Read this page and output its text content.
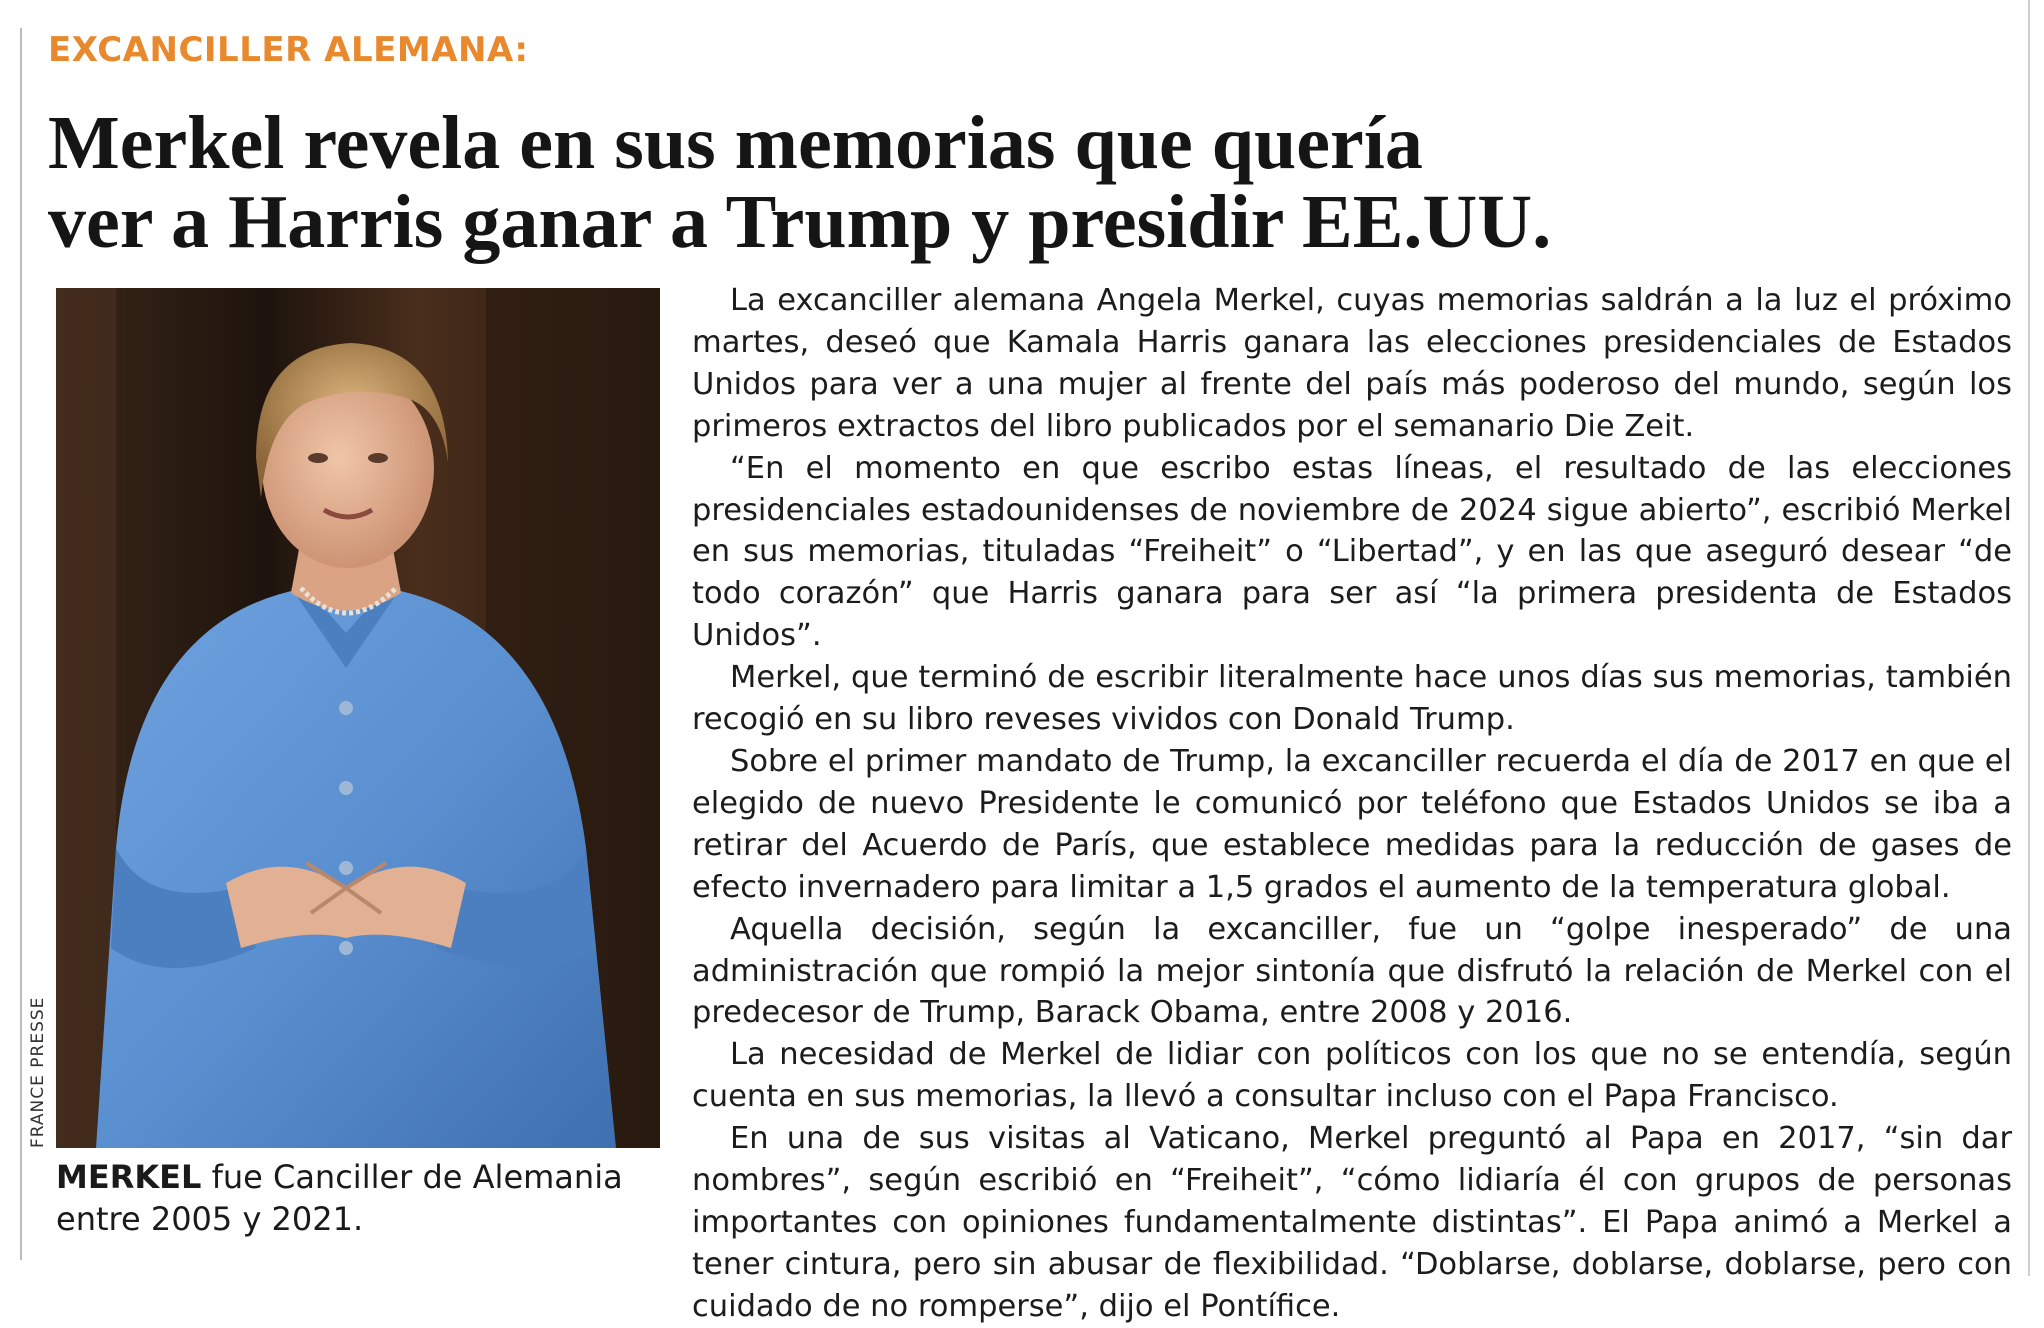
EXCANCILLER ALEMANA:
Merkel revela en sus memorias que quería
ver a Harris ganar a Trump y presidir EE.UU.
FRANCE PRESSE
MERKEL fue Canciller de Alemania entre 2005 y 2021.

La excanciller alemana Angela Merkel, cuyas memorias saldrán a la luz el próximo martes, deseó que Kamala Harris ganara las elecciones presidenciales de Estados Unidos para ver a una mujer al frente del país más poderoso del mundo, según los primeros extractos del libro publicados por el semanario Die Zeit.

“En el momento en que escribo estas líneas, el resultado de las elecciones presidenciales estadounidenses de noviembre de 2024 sigue abierto”, escribió Merkel en sus memorias, tituladas “Freiheit” o “Libertad”, y en las que aseguró desear “de todo corazón” que Harris ganara para ser así “la primera presidenta de Estados Unidos”.

Merkel, que terminó de escribir literalmente hace unos días sus memorias, también recogió en su libro reveses vividos con Donald Trump.

Sobre el primer mandato de Trump, la excanciller recuerda el día de 2017 en que el elegido de nuevo Presidente le comunicó por teléfono que Estados Unidos se iba a retirar del Acuerdo de París, que establece medidas para la reducción de gases de efecto invernadero para limitar a 1,5 grados el aumento de la temperatura global.

Aquella decisión, según la excanciller, fue un “golpe inesperado” de una administración que rompió la mejor sintonía que disfrutó la relación de Merkel con el predecesor de Trump, Barack Obama, entre 2008 y 2016.

La necesidad de Merkel de lidiar con políticos con los que no se entendía, según cuenta en sus memorias, la llevó a consultar incluso con el Papa Francisco.

En una de sus visitas al Vaticano, Merkel preguntó al Papa en 2017, “sin dar nombres”, según escribió en “Freiheit”, “cómo lidiaría él con grupos de personas importantes con opiniones fundamentalmente distintas”. El Papa animó a Merkel a tener cintura, pero sin abusar de flexibilidad. “Doblarse, doblarse, doblarse, pero con cuidado de no romperse”, dijo el Pontífice.
